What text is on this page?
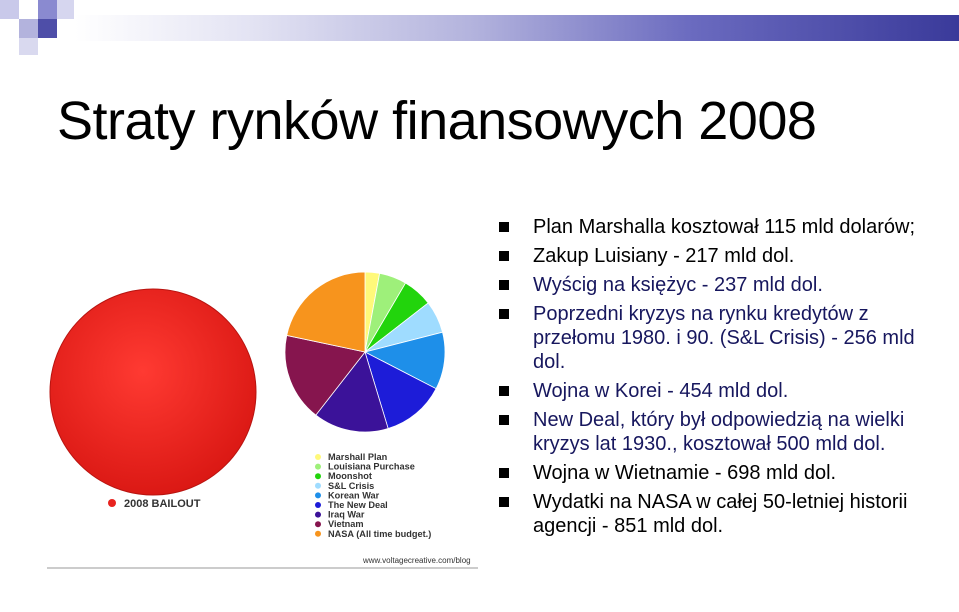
Straty rynków finansowych 2008
2008 BAILOUT
Marshall Plan
Louisiana Purchase
Moonshot
S&L Crisis
Korean War
The New Deal
Iraq War
Vietnam
NASA (All time budget.)
www.voltagecreative.com/blog
Plan Marshalla kosztował 115 mld dolarów;
Zakup Luisiany - 217 mld dol.
Wyścig na księżyc - 237 mld dol.
Poprzedni kryzys na rynku kredytów z przełomu 1980. i 90. (S&L Crisis) - 256 mld dol.
Wojna w Korei - 454 mld dol.
New Deal, który był odpowiedzią na wielki kryzys lat 1930., kosztował 500 mld dol.
Wojna w Wietnamie - 698 mld dol.
Wydatki na NASA w całej 50-letniej historii agencji - 851 mld dol.
